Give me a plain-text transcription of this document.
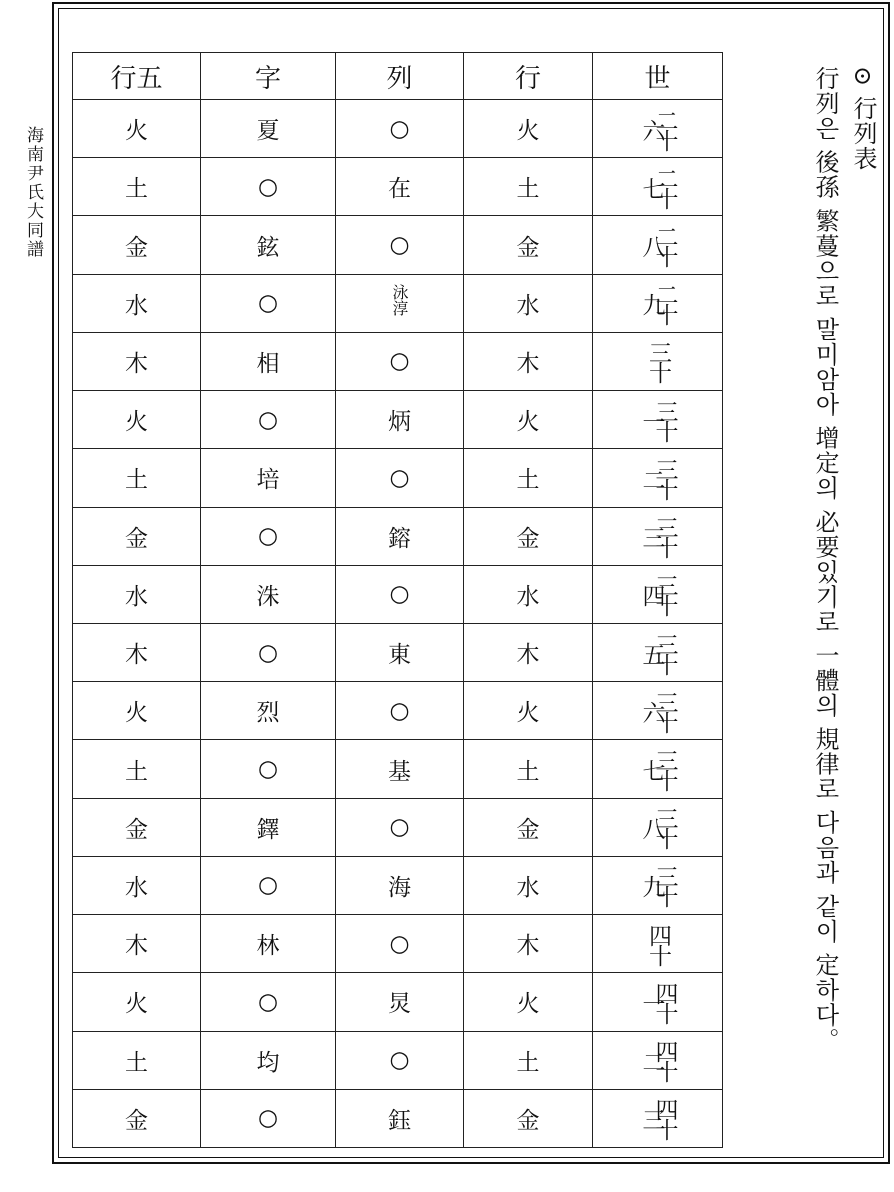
海南尹氏大同譜
行五	字	列	行	世
火	夏	○	火	二十六
土	○	在	土	二十七
金	鉉	○	金	二十八
水	○	泳淳	水	二十九
木	相	○	木	三十
火	○	炳	火	三十一
土	培	○	土	三十二
金	○	鎔	金	三十三
水	洙	○	水	三十四
木	○	東	木	三十五
火	烈	○	火	三十六
土	○	基	土	三十七
金	鐸	○	金	三十八
水	○	海	水	三十九
木	林	○	木	四十
火	○	炅	火	四十一
土	均	○	土	四十二
金	○	鈺	金	四十三
⊙ 行列表
行列은 後孫 繁蔓으로 말미암아 增定의 必要있기로 一體의 規律로 다음과 같이 定하다。
